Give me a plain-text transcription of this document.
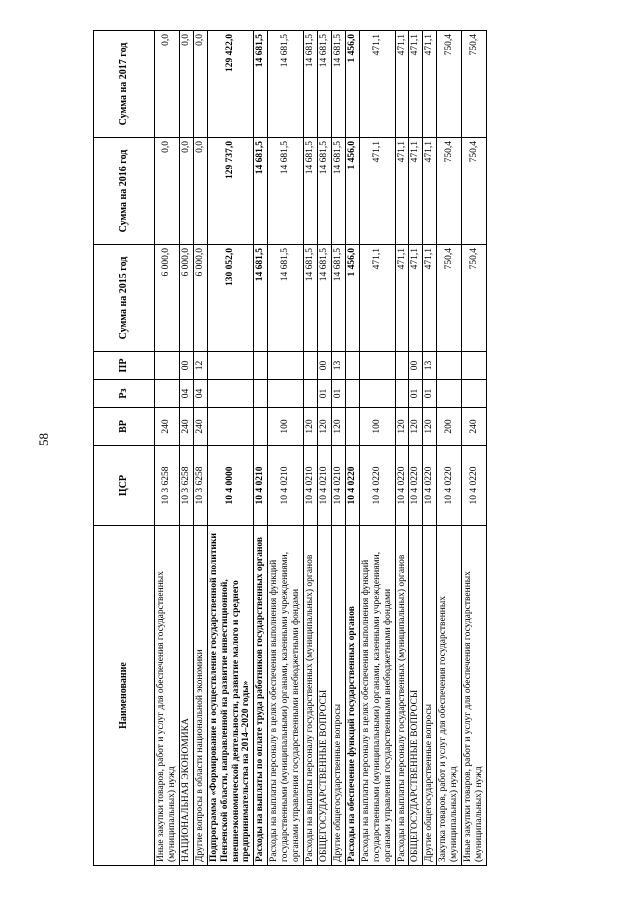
58
Наименование	ЦСР	ВР	Рз	ПР	Сумма на 2015 год	Сумма на 2016 год	Сумма на 2017 год
Иные закупки товаров, работ и услуг для обеспечения государственных (муниципальных) нужд	10 3 6258	240			6 000,0	0,0	0,0
НАЦИОНАЛЬНАЯ ЭКОНОМИКА	10 3 6258	240	04	00	6 000,0	0,0	0,0
Другие вопросы в области национальной экономики	10 3 6258	240	04	12	6 000,0	0,0	0,0
Подпрограмма «Формирование и осуществление государственной политики Пензенской области, направленной на развитие инвестиционной, внешнеэкономической деятельности, развитие малого и среднего предпринимательства на 2014–2020 годы»	10 4 0000				130 052,0	129 737,0	129 422,0
Расходы на выплаты по оплате труда работников государственных органов	10 4 0210				14 681,5	14 681,5	14 681,5
Расходы на выплаты персоналу в целях обеспечения выполнения функций государственными (муниципальными) органами, казенными учреждениями, органами управления государственными внебюджетными фондами	10 4 0210	100			14 681,5	14 681,5	14 681,5
Расходы на выплаты персоналу государственных (муниципальных) органов	10 4 0210	120			14 681,5	14 681,5	14 681,5
ОБЩЕГОСУДАРСТВЕННЫЕ ВОПРОСЫ	10 4 0210	120	01	00	14 681,5	14 681,5	14 681,5
Другие общегосударственные вопросы	10 4 0210	120	01	13	14 681,5	14 681,5	14 681,5
Расходы на обеспечение функций государственных органов	10 4 0220				1 456,0	1 456,0	1 456,0
Расходы на выплаты персоналу в целях обеспечения выполнения функций государственными (муниципальными) органами, казенными учреждениями, органами управления государственными внебюджетными фондами	10 4 0220	100			471,1	471,1	471,1
Расходы на выплаты персоналу государственных (муниципальных) органов	10 4 0220	120			471,1	471,1	471,1
ОБЩЕГОСУДАРСТВЕННЫЕ ВОПРОСЫ	10 4 0220	120	01	00	471,1	471,1	471,1
Другие общегосударственные вопросы	10 4 0220	120	01	13	471,1	471,1	471,1
Закупка товаров, работ и услуг для обеспечения государственных (муниципальных) нужд	10 4 0220	200			750,4	750,4	750,4
Иные закупки товаров, работ и услуг для обеспечения государственных (муниципальных) нужд	10 4 0220	240			750,4	750,4	750,4
